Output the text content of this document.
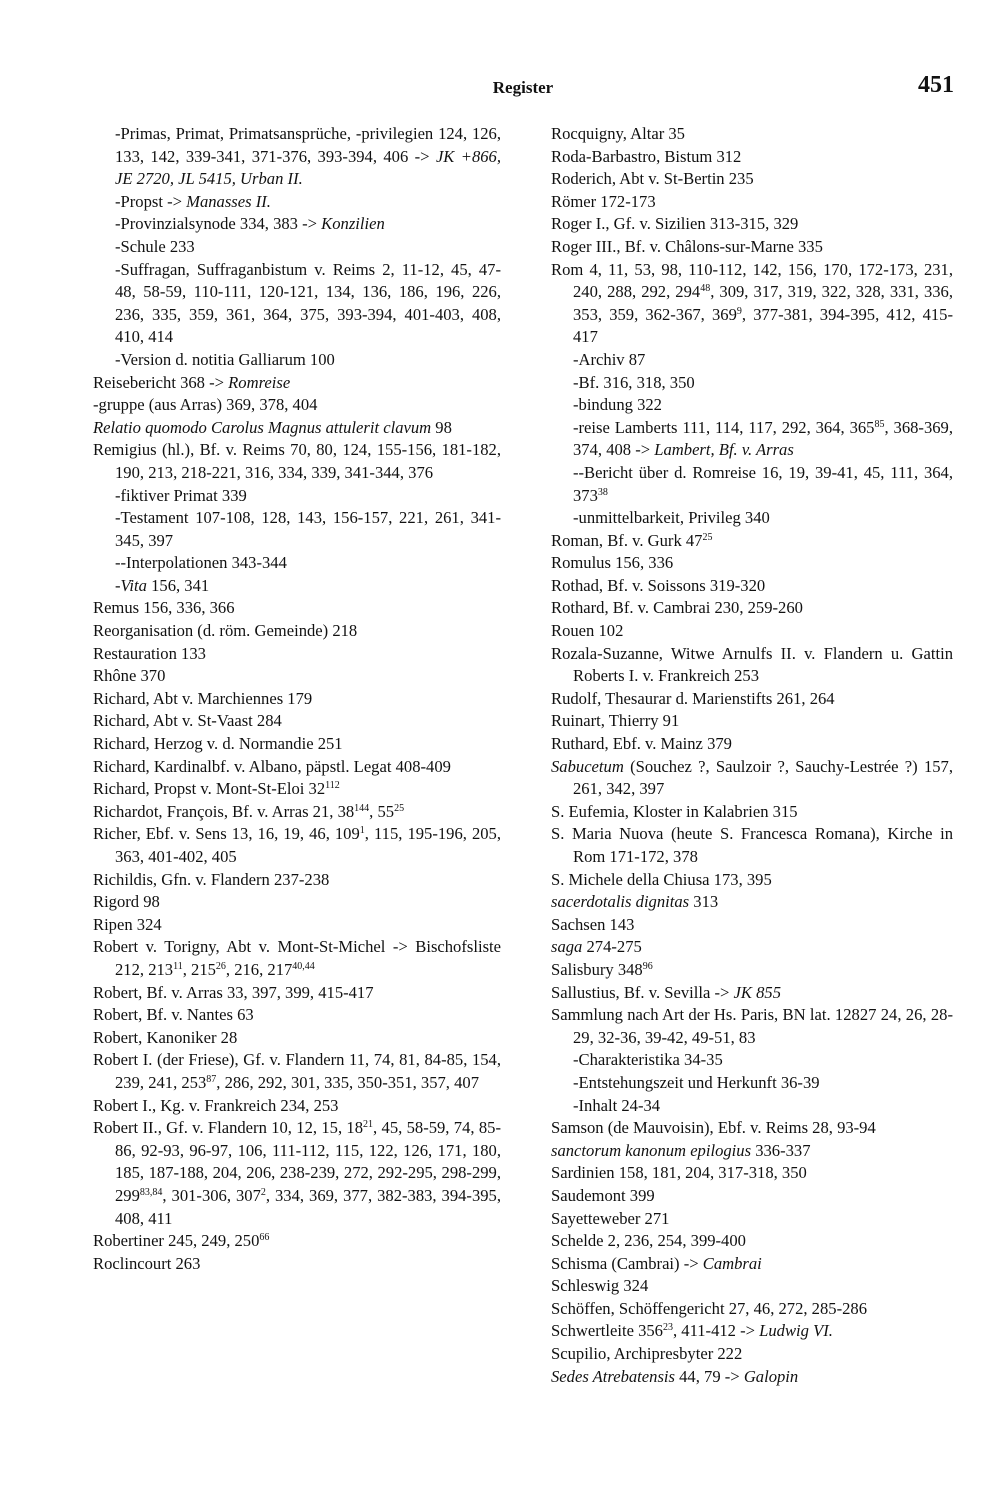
Register	451

-Primas, Primat, Primatsansprüche, -privilegien 124, 126, 133, 142, 339-341, 371-376, 393-394, 406 -> JK +866, JE 2720, JL 5415, Urban II.

-Propst -> Manasses II.

-Provinzialsynode 334, 383 -> Konzilien

-Schule 233

-Suffragan, Suffraganbistum v. Reims 2, 11-12, 45, 47-48, 58-59, 110-111, 120-121, 134, 136, 186, 196, 226, 236, 335, 359, 361, 364, 375, 393-394, 401-403, 408, 410, 414

-Version d. notitia Galliarum 100

Reisebericht 368 -> Romreise

-gruppe (aus Arras) 369, 378, 404

Relatio quomodo Carolus Magnus attulerit clavum 98

Remigius (hl.), Bf. v. Reims 70, 80, 124, 155-156, 181-182, 190, 213, 218-221, 316, 334, 339, 341-344, 376

-fiktiver Primat 339

-Testament 107-108, 128, 143, 156-157, 221, 261, 341-345, 397

--Interpolationen 343-344

-Vita 156, 341

Remus 156, 336, 366

Reorganisation (d. röm. Gemeinde) 218

Restauration 133

Rhône 370

Richard, Abt v. Marchiennes 179

Richard, Abt v. St-Vaast 284

Richard, Herzog v. d. Normandie 251

Richard, Kardinalbf. v. Albano, päpstl. Legat 408-409

Richard, Propst v. Mont-St-Eloi $32^{112}$

Richardot, François, Bf. v. Arras 21, $38^{144}$, $55^{25}$

Richer, Ebf. v. Sens 13, 16, 19, 46, $109^1$, 115, 195-196, 205, 363, 401-402, 405

Richildis, Gfn. v. Flandern 237-238

Rigord 98

Ripen 324

Robert v. Torigny, Abt v. Mont-St-Michel -> Bischofsliste 212, $213^{11}$, $215^{26}$, 216, 217$^{40,44}$

Robert, Bf. v. Arras 33, 397, 399, 415-417

Robert, Bf. v. Nantes 63

Robert, Kanoniker 28

Robert I. (der Friese), Gf. v. Flandern 11, 74, 81, 84-85, 154, 239, 241, $253^{87}$, 286, 292, 301, 335, 350-351, 357, 407

Robert I., Kg. v. Frankreich 234, 253

Robert II., Gf. v. Flandern 10, 12, 15, $18^{21}$, 45, 58-59, 74, 85-86, 92-93, 96-97, 106, 111-112, 115, 122, 126, 171, 180, 185, 187-188, 204, 206, 238-239, 272, 292-295, 298-299, 299$^{83,84}$, 301-306, $307^2$, 334, 369, 377, 382-383, 394-395, 408, 411

Robertiner 245, 249, $250^{66}$

Roclincourt 263

Rocquigny, Altar 35

Roda-Barbastro, Bistum 312

Roderich, Abt v. St-Bertin 235

Römer 172-173

Roger I., Gf. v. Sizilien 313-315, 329

Roger III., Bf. v. Châlons-sur-Marne 335

Rom 4, 11, 53, 98, 110-112, 142, 156, 170, 172-173, 231, 240, 288, 292, $294^{48}$, 309, 317, 319, 322, 328, 331, 336, 353, 359, 362-367, $369^9$, 377-381, 394-395, 412, 415-417

-Archiv 87

-Bf. 316, 318, 350

-bindung 322

-reise Lamberts 111, 114, 117, 292, 364, $365^{85}$, 368-369, 374, 408 -> Lambert, Bf. v. Arras

--Bericht über d. Romreise 16, 19, 39-41, 45, 111, 364, $373^{38}$

-unmittelbarkeit, Privileg 340

Roman, Bf. v. Gurk $47^{25}$

Romulus 156, 336

Rothad, Bf. v. Soissons 319-320

Rothard, Bf. v. Cambrai 230, 259-260

Rouen 102

Rozala-Suzanne, Witwe Arnulfs II. v. Flandern u. Gattin Roberts I. v. Frankreich 253

Rudolf, Thesaurar d. Marienstifts 261, 264

Ruinart, Thierry 91

Ruthard, Ebf. v. Mainz 379

Sabucetum (Souchez ?, Saulzoir ?, Sauchy-Lestrée ?) 157, 261, 342, 397

S. Eufemia, Kloster in Kalabrien 315

S. Maria Nuova (heute S. Francesca Romana), Kirche in Rom 171-172, 378

S. Michele della Chiusa 173, 395

sacerdotalis dignitas 313

Sachsen 143

saga 274-275

Salisbury $348^{96}$

Sallustius, Bf. v. Sevilla -> JK 855

Sammlung nach Art der Hs. Paris, BN lat. 12827 24, 26, 28-29, 32-36, 39-42, 49-51, 83

-Charakteristika 34-35

-Entstehungszeit und Herkunft 36-39

-Inhalt 24-34

Samson (de Mauvoisin), Ebf. v. Reims 28, 93-94

sanctorum kanonum epilogius 336-337

Sardinien 158, 181, 204, 317-318, 350

Saudemont 399

Sayetteweber 271

Schelde 2, 236, 254, 399-400

Schisma (Cambrai) -> Cambrai

Schleswig 324

Schöffen, Schöffengericht 27, 46, 272, 285-286

Schwertleite $356^{23}$, 411-412 -> Ludwig VI.

Scupilio, Archipresbyter 222

Sedes Atrebatensis 44, 79 -> Galopin
